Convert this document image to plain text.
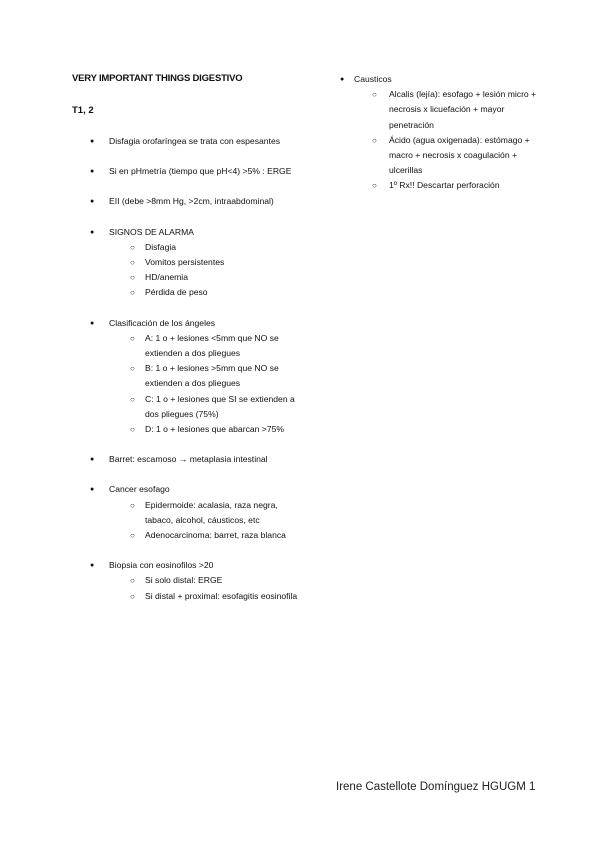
VERY IMPORTANT THINGS DIGESTIVO
T1, 2
● Disfagia orofaríngea se trata con espesantes
● Si en pHmetría (tiempo que pH<4) >5% : ERGE
● EII (debe >8mm Hg, >2cm, intraabdominal)
● SIGNOS DE ALARMA
○ Disfagia
○ Vomitos persistentes
○ HD/anemia
○ Pérdida de peso
● Clasificación de los ángeles
○ A: 1 o + lesiones <5mm que NO se extienden a dos pliegues
○ B: 1 o + lesiones >5mm que NO se extienden a dos pliegues
○ C: 1 o + lesiones que SI se extienden a dos pliegues (75%)
○ D: 1 o + lesiones que abarcan >75%
● Barret: escamoso → metaplasia intestinal
● Cancer esofago
○ Epidermoide: acalasia, raza negra, tabaco, alcohol, cáusticos, etc
○ Adenocarcinoma: barret, raza blanca
● Biopsia con eosinofilos >20
○ Si solo distal: ERGE
○ Si distal + proximal: esofagitis eosinofila
● Causticos
○ Alcalis (lejía): esofago + lesión micro + necrosis x licuefación + mayor penetración
○ Ácido (agua oxigenada): estómago + macro + necrosis x coagulación + ulcerillas
○ 1º Rx!! Descartar perforación
Irene Castellote Domínguez HGUGM 1
